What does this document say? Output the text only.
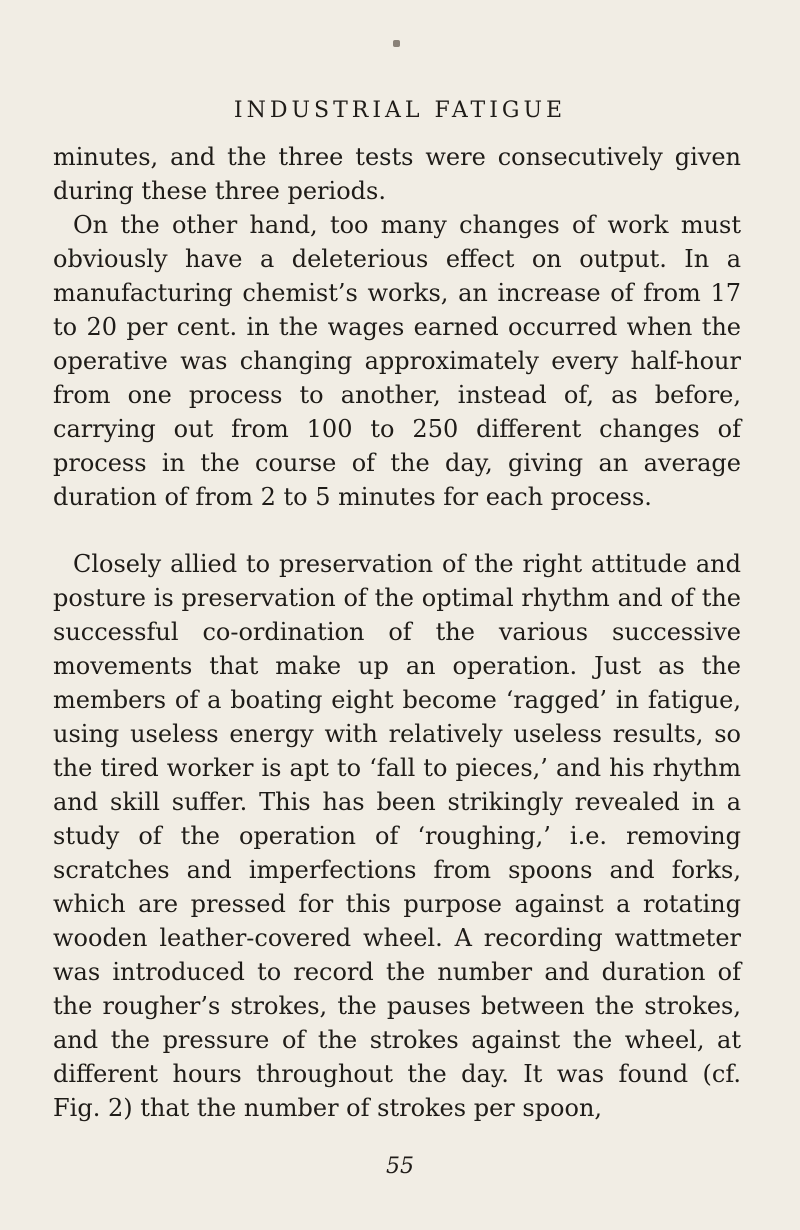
INDUSTRIAL FATIGUE

minutes, and the three tests were consecutively given during these three periods.

On the other hand, too many changes of work must obviously have a deleterious effect on output. In a manufacturing chemist’s works, an increase of from 17 to 20 per cent. in the wages earned occurred when the operative was changing approximately every half-hour from one process to another, instead of, as before, carrying out from 100 to 250 different changes of process in the course of the day, giving an average duration of from 2 to 5 minutes for each process.

Closely allied to preservation of the right attitude and posture is preservation of the optimal rhythm and of the successful co-ordination of the various successive movements that make up an operation. Just as the members of a boating eight become ‘ragged’ in fatigue, using useless energy with relatively useless results, so the tired worker is apt to ‘fall to pieces,’ and his rhythm and skill suffer. This has been strikingly revealed in a study of the operation of ‘roughing,’ i.e. removing scratches and imperfections from spoons and forks, which are pressed for this purpose against a rotating wooden leather-covered wheel. A recording wattmeter was introduced to record the number and duration of the rougher’s strokes, the pauses between the strokes, and the pressure of the strokes against the wheel, at different hours throughout the day. It was found (cf. Fig. 2) that the number of strokes per spoon,

55
